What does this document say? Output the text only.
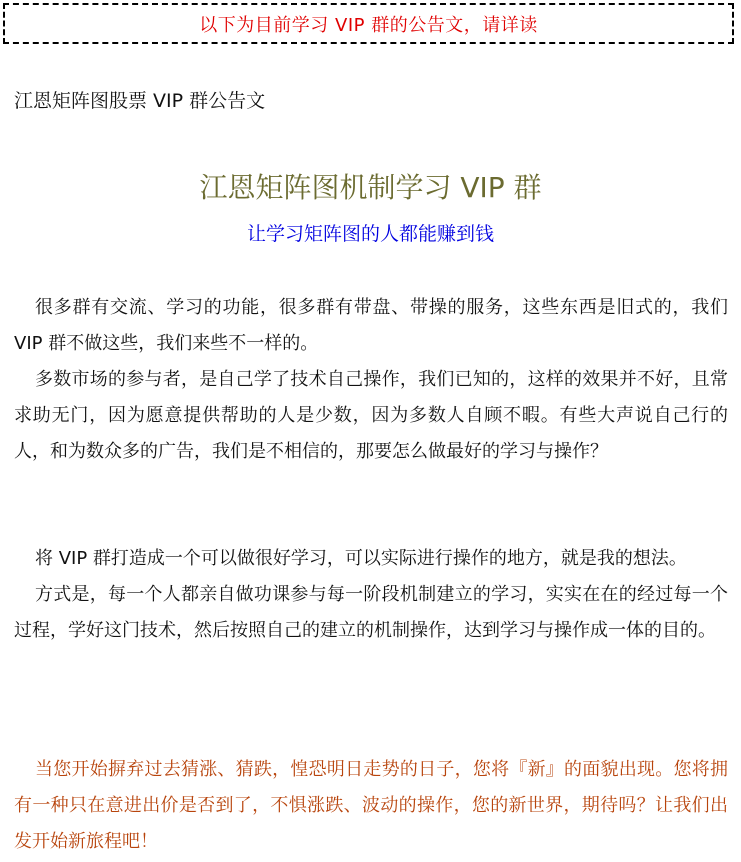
以下为目前学习 VIP 群的公告文，请详读
江恩矩阵图股票 VIP 群公告文
江恩矩阵图机制学习 VIP 群
让学习矩阵图的人都能赚到钱

很多群有交流、学习的功能，很多群有带盘、带操的服务，这些东西是旧式的，我们 VIP 群不做这些，我们来些不一样的。

多数市场的参与者，是自己学了技术自己操作，我们已知的，这样的效果并不好，且常求助无门，因为愿意提供帮助的人是少数，因为多数人自顾不暇。有些大声说自己行的人，和为数众多的广告，我们是不相信的，那要怎么做最好的学习与操作？

将 VIP 群打造成一个可以做很好学习，可以实际进行操作的地方，就是我的想法。

方式是，每一个人都亲自做功课参与每一阶段机制建立的学习，实实在在的经过每一个过程，学好这门技术，然后按照自己的建立的机制操作，达到学习与操作成一体的目的。

当您开始摒弃过去猜涨、猜跌，惶恐明日走势的日子，您将『新』的面貌出现。您将拥有一种只在意进出价是否到了，不惧涨跌、波动的操作，您的新世界，期待吗？让我们出发开始新旅程吧！
